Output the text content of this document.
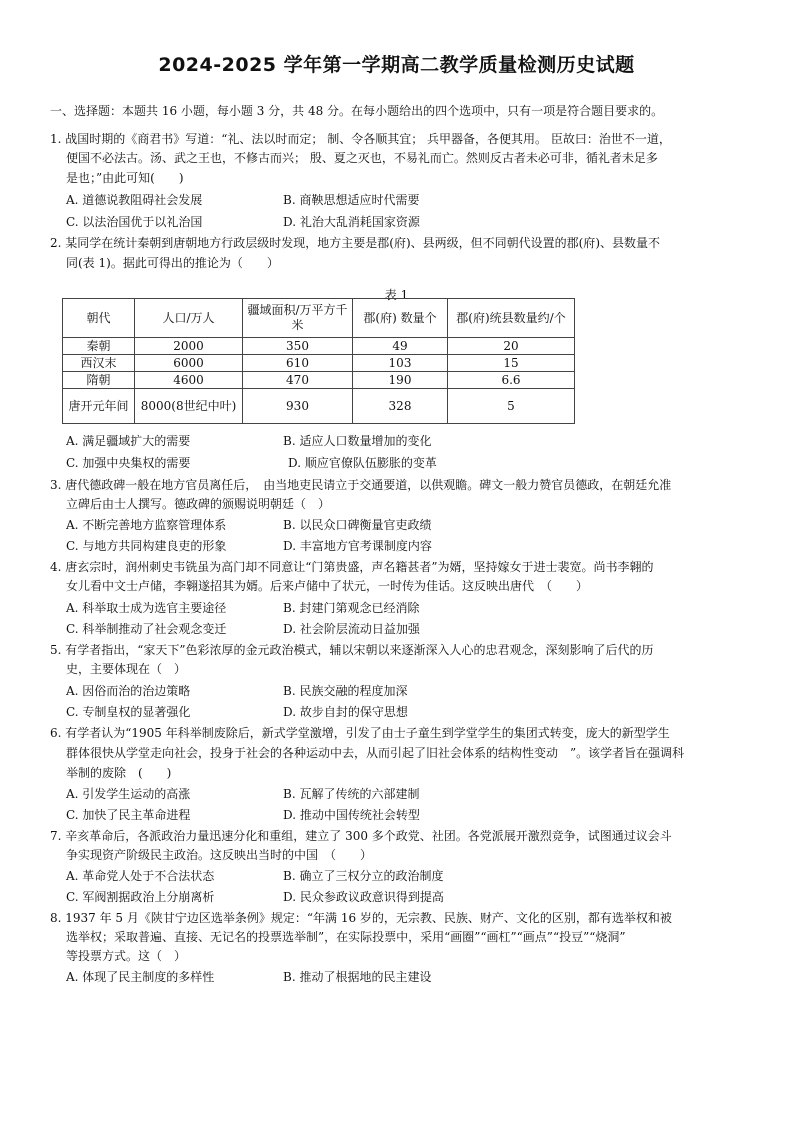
2024-2025 学年第一学期高二教学质量检测历史试题
一、选择题：本题共 16 小题，每小题 3 分，共 48 分。在每小题给出的四个选项中，只有一项是符合题目要求的。
1. 战国时期的《商君书》写道：“礼、法以时而定； 制、令各顺其宜； 兵甲器备，各便其用。 臣故曰：治世不一道，
便国不必法古。汤、武之王也，不修古而兴； 殷、夏之灭也，不易礼而亡。然则反古者未必可非，循礼者未足多
是也；”由此可知(　　)
A. 道德说教阻碍社会发展	B. 商鞅思想适应时代需要
C. 以法治国优于以礼治国	D. 礼治大乱消耗国家资源
2. 某同学在统计秦朝到唐朝地方行政层级时发现，地方主要是郡(府)、县两级，但不同朝代设置的郡(府)、县数量不
同(表 1)。据此可得出的推论为（　　）
表 1
朝代	人口/万人	疆域面积/万平方千米	郡(府) 数量个	郡(府)统县数量约/个
秦朝	2000	350	49	20
西汉末	6000	610	103	15
隋朝	4600	470	190	6.6
唐开元年间	8000(8世纪中叶)	930	328	5
A. 满足疆域扩大的需要	B. 适应人口数量增加的变化
C. 加强中央集权的需要	D. 顺应官僚队伍膨胀的变革
3. 唐代德政碑一般在地方官员离任后，　由当地吏民请立于交通要道，以供观瞻。碑文一般力赞官员德政，在朝廷允准
立碑后由士人撰写。德政碑的颁赐说明朝廷（　）
A. 不断完善地方监察管理体系	B. 以民众口碑衡量官吏政绩
C. 与地方共同构建良吏的形象	D. 丰富地方官考课制度内容
4. 唐玄宗时，润州刺史韦铣虽为高门却不同意让“门第贵盛，声名籍甚者”为婿，坚持嫁女于进士裴宽。尚书李翱的
女儿看中文士卢储，李翱遂招其为婿。后来卢储中了状元，一时传为佳话。这反映出唐代　（　　）
A. 科举取士成为选官主要途径	B. 封建门第观念已经消除
C. 科举制推动了社会观念变迁	D. 社会阶层流动日益加强
5. 有学者指出，“家天下”色彩浓厚的金元政治模式，辅以宋朝以来逐渐深入人心的忠君观念，深刻影响了后代的历
史，主要体现在（　）
A. 因俗而治的治边策略	B. 民族交融的程度加深
C. 专制皇权的显著强化	D. 故步自封的保守思想
6. 有学者认为“1905 年科举制废除后，新式学堂激增，引发了由士子童生到学堂学生的集团式转变，庞大的新型学生
群体很快从学堂走向社会，投身于社会的各种运动中去，从而引起了旧社会体系的结构性变动　”。该学者旨在强调科
举制的废除　(　　)
A. 引发学生运动的高涨	B. 瓦解了传统的六部建制
C. 加快了民主革命进程	D. 推动中国传统社会转型
7. 辛亥革命后，各派政治力量迅速分化和重组，建立了 300 多个政党、社团。各党派展开激烈竞争，试图通过议会斗
争实现资产阶级民主政治。这反映出当时的中国　（　　）
A. 革命党人处于不合法状态	B. 确立了三权分立的政治制度
C. 军阀割据政治上分崩离析	D. 民众参政议政意识得到提高
8. 1937 年 5 月《陕甘宁边区选举条例》规定：“年满 16 岁的，无宗教、民族、财产、文化的区别，都有选举权和被
选举权；采取普遍、直接、无记名的投票选举制”，在实际投票中，采用“画圈”“画杠”“画点”“投豆”“烧洞”
等投票方式。这（　）
A. 体现了民主制度的多样性	B. 推动了根据地的民主建设
